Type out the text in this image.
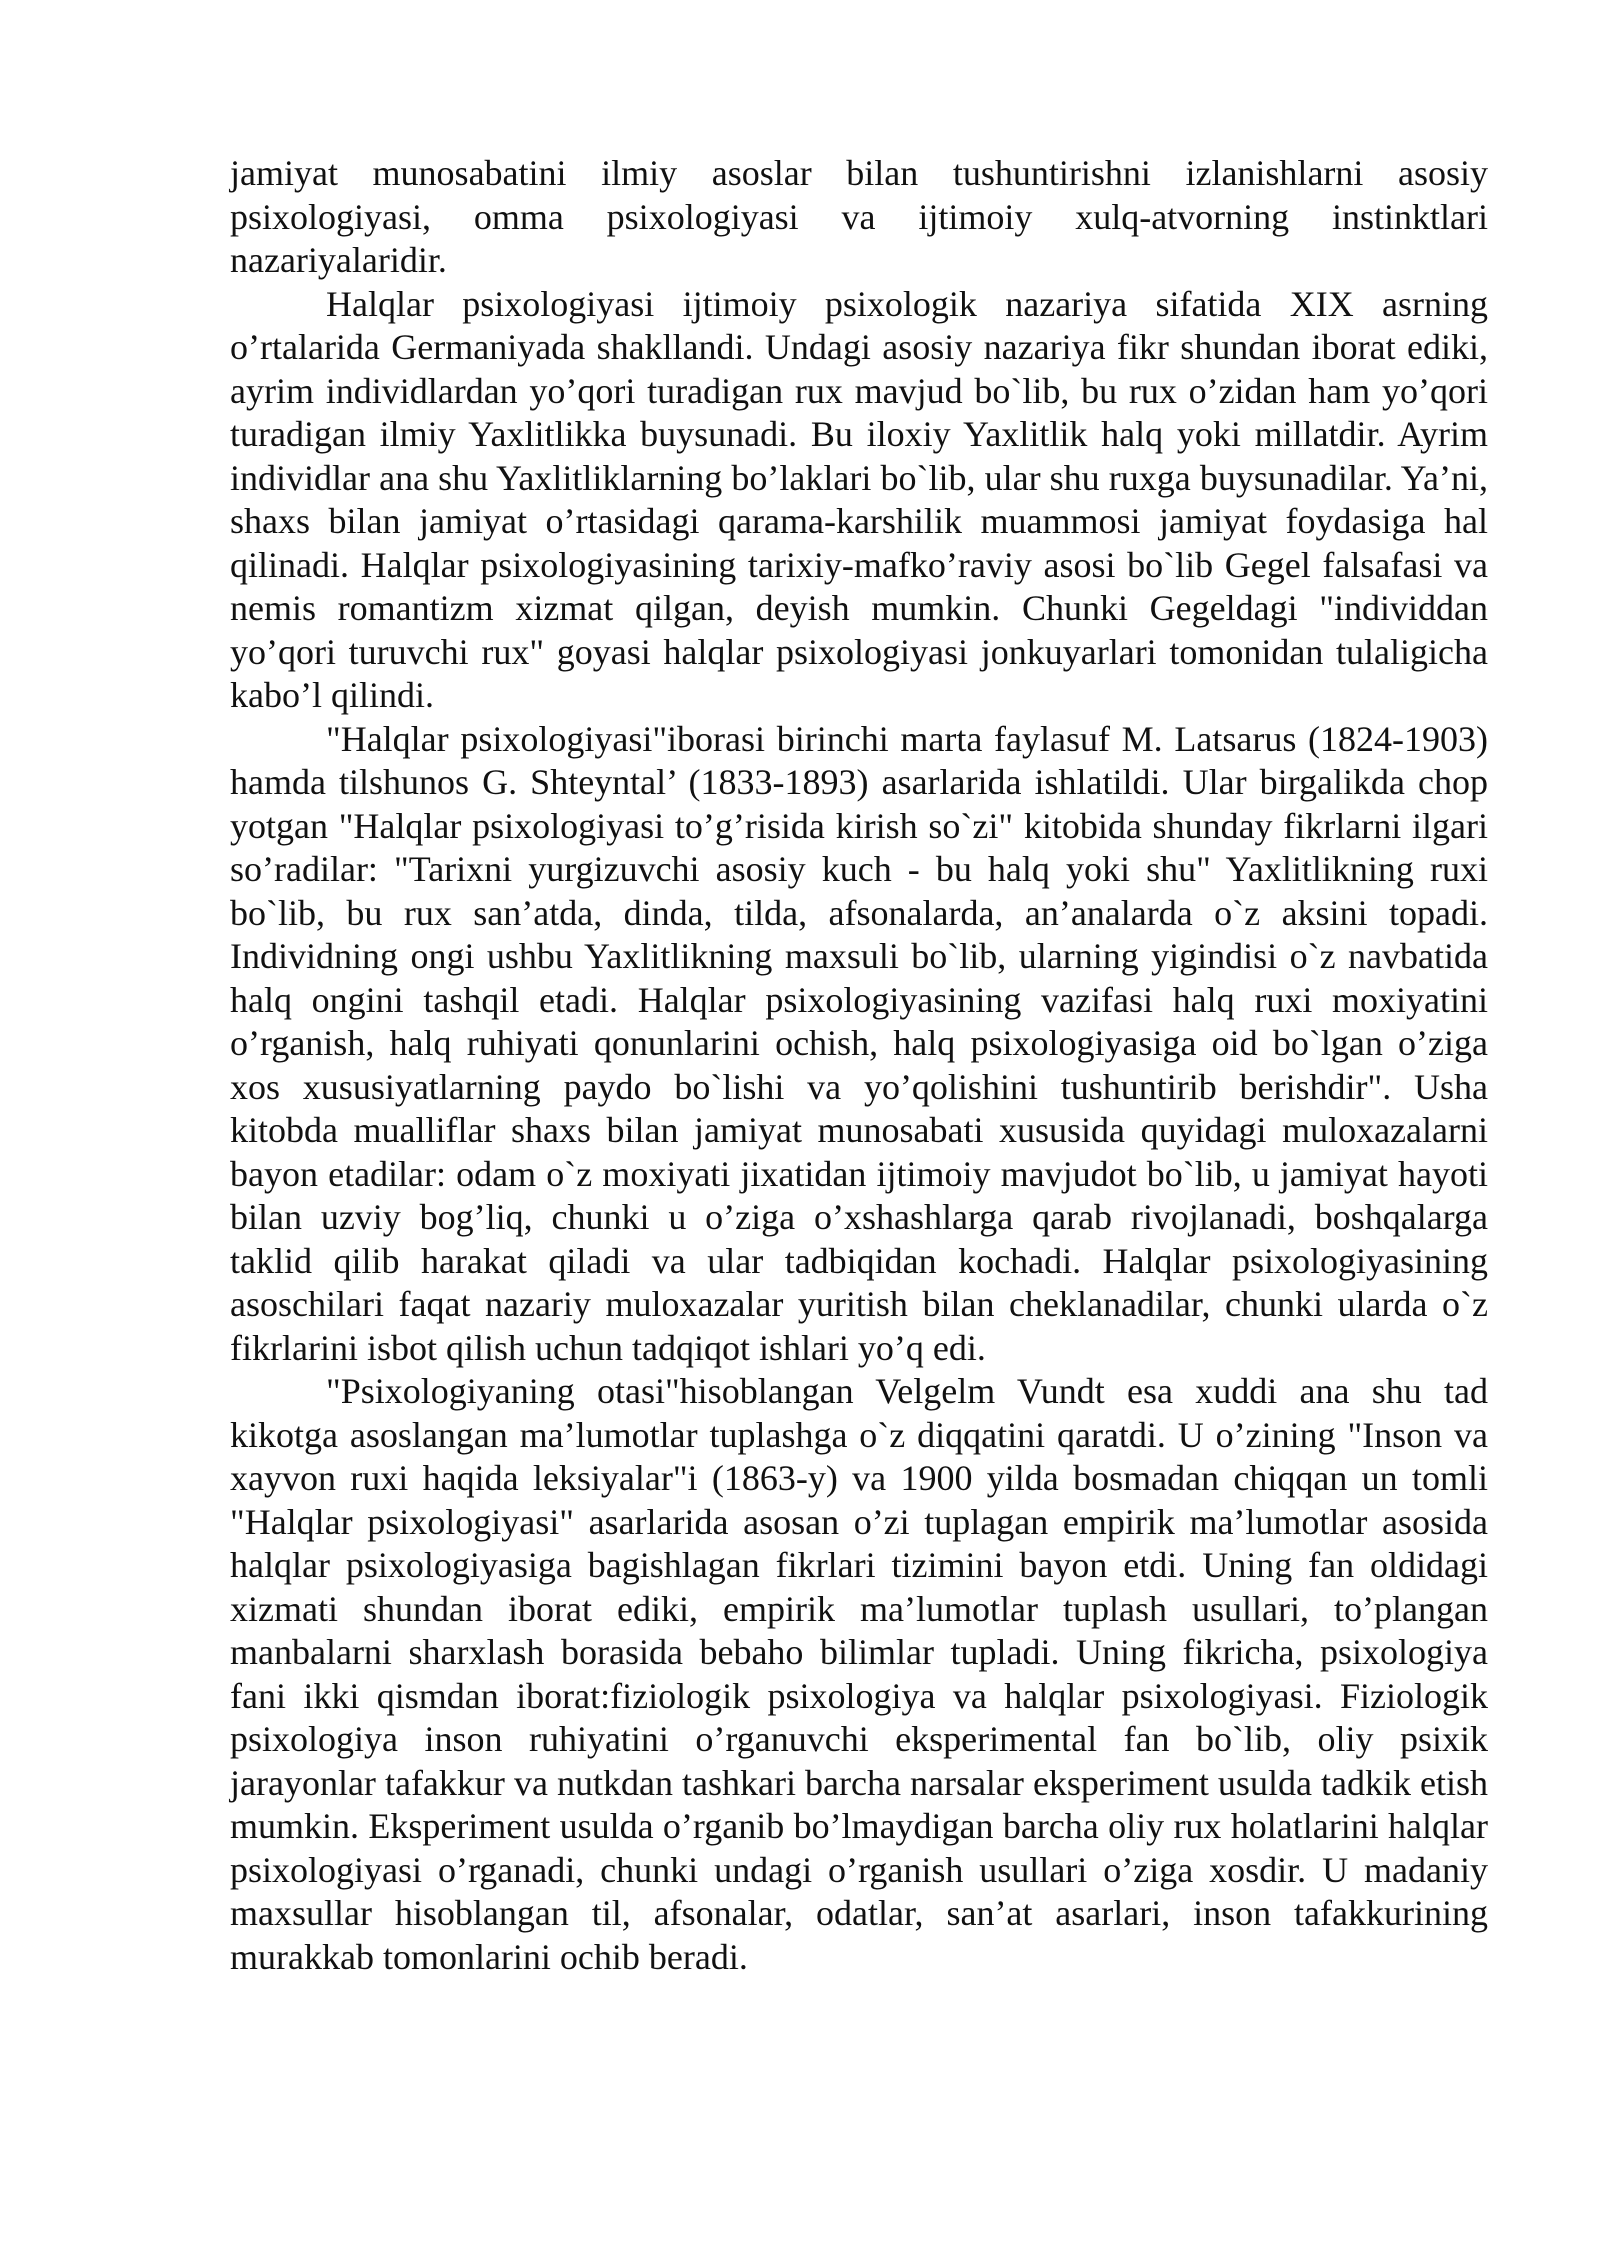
jamiyat munosabatini ilmiy asoslar bilan tushuntirishni izlanishlarni asosiy psixologiyasi, omma psixologiyasi va ijtimoiy xulq-atvorning instinktlari nazariyalaridir.

Halqlar psixologiyasi ijtimoiy psixologik nazariya sifatida XIX asrning o’rtalarida Germaniyada shakllandi. Undagi asosiy nazariya fikr shundan iborat ediki, ayrim individlardan yo’qori turadigan rux mavjud bo`lib, bu rux o’zidan ham yo’qori turadigan ilmiy Yaxlitlikka buysunadi. Bu iloxiy Yaxlitlik halq yoki millatdir. Ayrim individlar ana shu Yaxlitliklarning bo’laklari bo`lib, ular shu ruxga buysunadilar. Ya’ni, shaxs bilan jamiyat o’rtasidagi qarama-karshilik muammosi jamiyat foydasiga hal qilinadi. Halqlar psixologiyasining tarixiy-mafko’raviy asosi bo`lib Gegel falsafasi va nemis romantizm xizmat qilgan, deyish mumkin. Chunki Gegeldagi "individdan yo’qori turuvchi rux" goyasi halqlar psixologiyasi jonkuyarlari tomonidan tulaligicha kabo’l qilindi.

"Halqlar psixologiyasi"iborasi birinchi marta faylasuf M. Latsarus (1824-1903) hamda tilshunos G. Shteyntal’ (1833-1893) asarlarida ishlatildi. Ular birgalikda chop yotgan "Halqlar psixologiyasi to’g’risida kirish so`zi" kitobida shunday fikrlarni ilgari so’radilar: "Tarixni yurgizuvchi asosiy kuch - bu halq yoki shu" Yaxlitlikning ruxi bo`lib, bu rux san’atda, dinda, tilda, afsonalarda, an’analarda o`z aksini topadi. Individning ongi ushbu Yaxlitlikning maxsuli bo`lib, ularning yigindisi o`z navbatida halq ongini tashqil etadi. Halqlar psixologiyasining vazifasi halq ruxi moxiyatini o’rganish, halq ruhiyati qonunlarini ochish, halq psixologiyasiga oid bo`lgan o’ziga xos xususiyatlarning paydo bo`lishi va yo’qolishini tushuntirib berishdir". Usha kitobda mualliflar shaxs bilan jamiyat munosabati xususida quyidagi muloxazalarni bayon etadilar: odam o`z moxiyati jixatidan ijtimoiy mavjudot bo`lib, u jamiyat hayoti bilan uzviy bog’liq, chunki u o’ziga o’xshashlarga qarab rivojlanadi, boshqalarga taklid qilib harakat qiladi va ular tadbiqidan kochadi. Halqlar psixologiyasining asoschilari faqat nazariy muloxazalar yuritish bilan cheklanadilar, chunki ularda o`z fikrlarini isbot qilish uchun tadqiqot ishlari yo’q edi.

"Psixologiyaning otasi"hisoblangan Velgelm Vundt esa xuddi ana shu tad kikotga asoslangan ma’lumotlar tuplashga o`z diqqatini qaratdi. U o’zining "Inson va xayvon ruxi haqida leksiyalar"i (1863-y) va 1900 yilda bosmadan chiqqan un tomli "Halqlar psixologiyasi" asarlarida asosan o’zi tuplagan empirik ma’lumotlar asosida halqlar psixologiyasiga bagishlagan fikrlari tizimini bayon etdi. Uning fan oldidagi xizmati shundan iborat ediki, empirik ma’lumotlar tuplash usullari, to’plangan manbalarni sharxlash borasida bebaho bilimlar tupladi. Uning fikricha, psixologiya fani ikki qismdan iborat:fiziologik psixologiya va halqlar psixologiyasi. Fiziologik psixologiya inson ruhiyatini o’rganuvchi eksperimental fan bo`lib, oliy psixik jarayonlar tafakkur va nutkdan tashkari barcha narsalar eksperiment usulda tadkik etish mumkin. Eksperiment usulda o’rganib bo’lmaydigan barcha oliy rux holatlarini halqlar psixologiyasi o’rganadi, chunki undagi o’rganish usullari o’ziga xosdir. U madaniy maxsullar hisoblangan til, afsonalar, odatlar, san’at asarlari, inson tafakkurining murakkab tomonlarini ochib beradi.
